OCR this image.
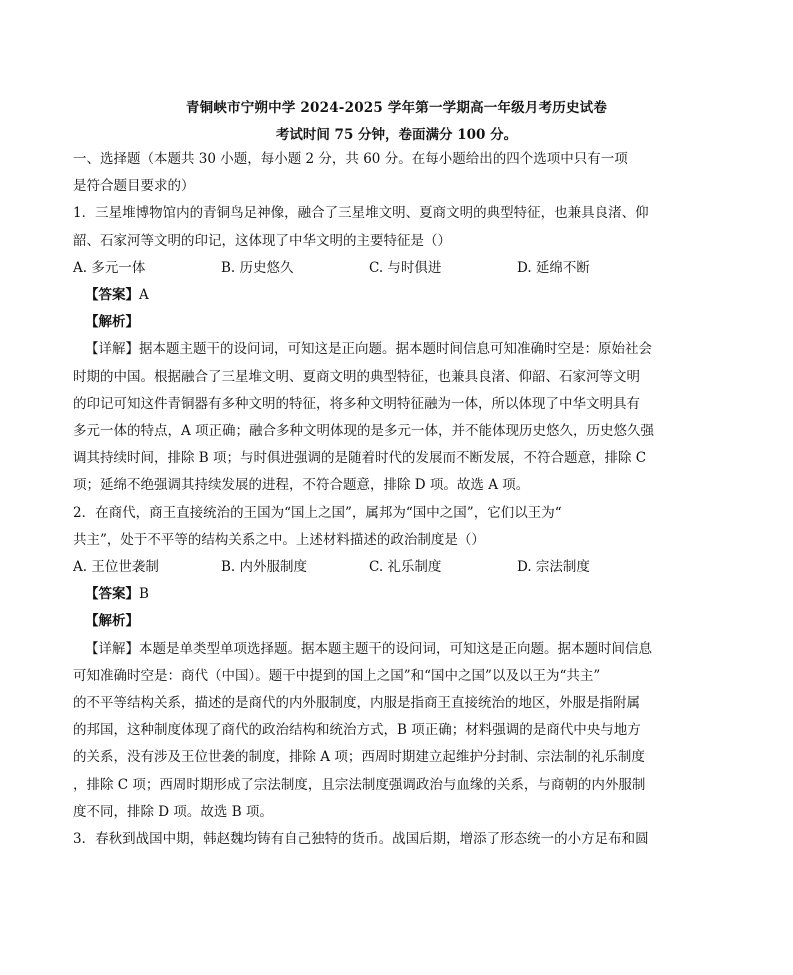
青铜峡市宁朔中学 2024-2025 学年第一学期高一年级月考历史试卷
考试时间 75 分钟，卷面满分 100 分。
一、选择题（本题共 30 小题，每小题 2 分，共 60 分。在每小题给出的四个选项中只有一项
是符合题目要求的）
1．三星堆博物馆内的青铜鸟足神像，融合了三星堆文明、夏商文明的典型特征，也兼具良渚、仰
韶、石家河等文明的印记，这体现了中华文明的主要特征是（）
A. 多元一体	B. 历史悠久	C. 与时俱进	D. 延绵不断
【答案】A
【解析】
【详解】据本题主题干的设问词，可知这是正向题。据本题时间信息可知准确时空是：原始社会
时期的中国。根据融合了三星堆文明、夏商文明的典型特征，也兼具良渚、仰韶、石家河等文明
的印记可知这件青铜器有多种文明的特征，将多种文明特征融为一体，所以体现了中华文明具有
多元一体的特点，A 项正确；融合多种文明体现的是多元一体，并不能体现历史悠久，历史悠久强
调其持续时间，排除 B 项；与时俱进强调的是随着时代的发展而不断发展，不符合题意，排除 C
项；延绵不绝强调其持续发展的进程，不符合题意，排除 D 项。故选 A 项。
2．在商代，商王直接统治的王国为“国上之国”，属邦为“国中之国”，它们以王为“
共主”，处于不平等的结构关系之中。上述材料描述的政治制度是（）
A. 王位世袭制	B. 内外服制度	C. 礼乐制度	D. 宗法制度
【答案】B
【解析】
【详解】本题是单类型单项选择题。据本题主题干的设问词，可知这是正向题。据本题时间信息
可知准确时空是：商代（中国）。题干中提到的国上之国”和“国中之国”以及以王为“共主”
的不平等结构关系，描述的是商代的内外服制度，内服是指商王直接统治的地区，外服是指附属
的邦国，这种制度体现了商代的政治结构和统治方式，B 项正确；材料强调的是商代中央与地方
的关系，没有涉及王位世袭的制度，排除 A 项；西周时期建立起维护分封制、宗法制的礼乐制度
，排除 C 项；西周时期形成了宗法制度，且宗法制度强调政治与血缘的关系，与商朝的内外服制
度不同，排除 D 项。故选 B 项。
3．春秋到战国中期，韩赵魏均铸有自己独特的货币。战国后期，增添了形态统一的小方足布和圆
